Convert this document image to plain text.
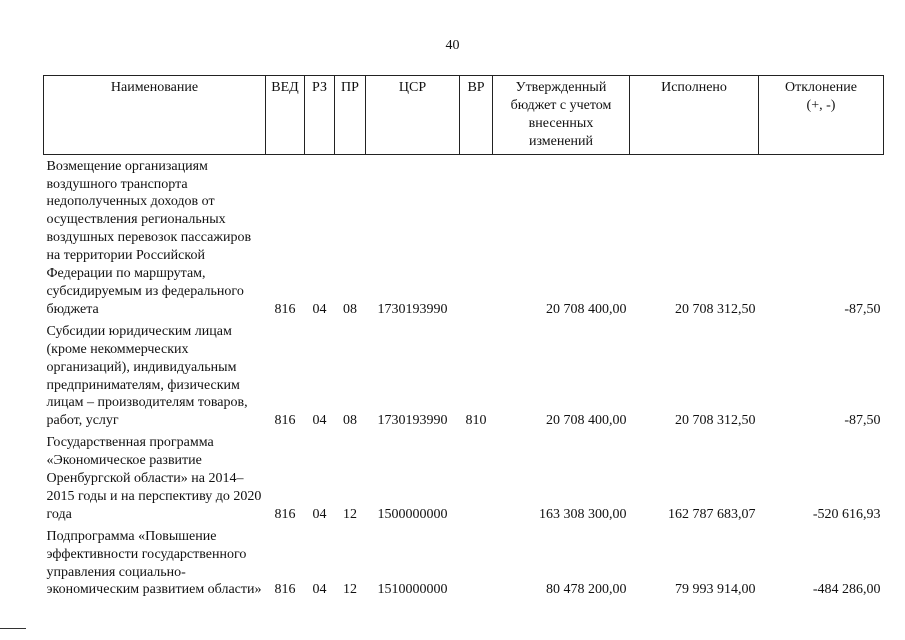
40
Наименование	ВЕД	РЗ	ПР	ЦСР	ВР	Утвержденный бюджет с учетом внесенных изменений	Исполнено	Отклонение (+, -)
Возмещение организациям воздушного транспорта недополученных доходов от осуществления региональных воздушных перевозок пассажиров на территории Российской Федерации по маршрутам, субсидируемым из федерального бюджета	816	04	08	1730193990		20 708 400,00	20 708 312,50	-87,50
Субсидии юридическим лицам (кроме некоммерческих организаций), индивидуальным предпринимателям, физическим лицам – производителям товаров, работ, услуг	816	04	08	1730193990	810	20 708 400,00	20 708 312,50	-87,50
Государственная программа «Экономическое развитие Оренбургской области» на 2014–2015 годы и на перспективу до 2020 года	816	04	12	1500000000		163 308 300,00	162 787 683,07	-520 616,93
Подпрограмма «Повышение эффективности государственного управления социально-экономическим развитием области»	816	04	12	1510000000		80 478 200,00	79 993 914,00	-484 286,00
